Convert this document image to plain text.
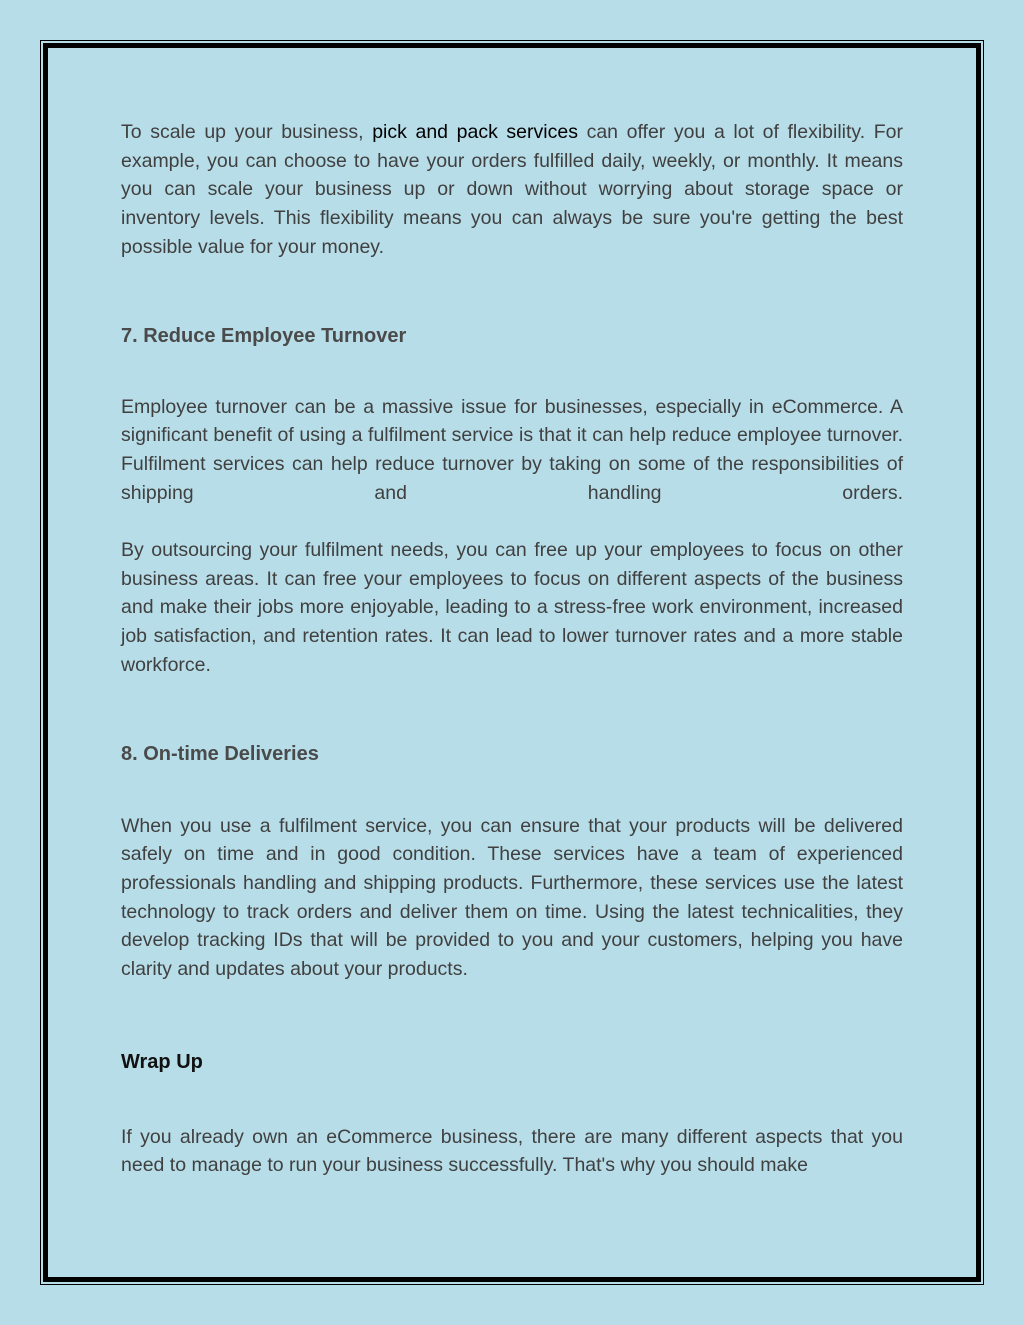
To scale up your business, pick and pack services can offer you a lot of flexibility. For example, you can choose to have your orders fulfilled daily, weekly, or monthly. It means you can scale your business up or down without worrying about storage space or inventory levels. This flexibility means you can always be sure you're getting the best possible value for your money.

7. Reduce Employee Turnover

Employee turnover can be a massive issue for businesses, especially in eCommerce. A significant benefit of using a fulfilment service is that it can help reduce employee turnover. Fulfilment services can help reduce turnover by taking on some of the responsibilities of shipping and handling orders.

By outsourcing your fulfilment needs, you can free up your employees to focus on other business areas. It can free your employees to focus on different aspects of the business and make their jobs more enjoyable, leading to a stress-free work environment, increased job satisfaction, and retention rates. It can lead to lower turnover rates and a more stable workforce.

8. On-time Deliveries

When you use a fulfilment service, you can ensure that your products will be delivered safely on time and in good condition. These services have a team of experienced professionals handling and shipping products. Furthermore, these services use the latest technology to track orders and deliver them on time. Using the latest technicalities, they develop tracking IDs that will be provided to you and your customers, helping you have clarity and updates about your products.

Wrap Up

If you already own an eCommerce business, there are many different aspects that you need to manage to run your business successfully. That's why you should make
